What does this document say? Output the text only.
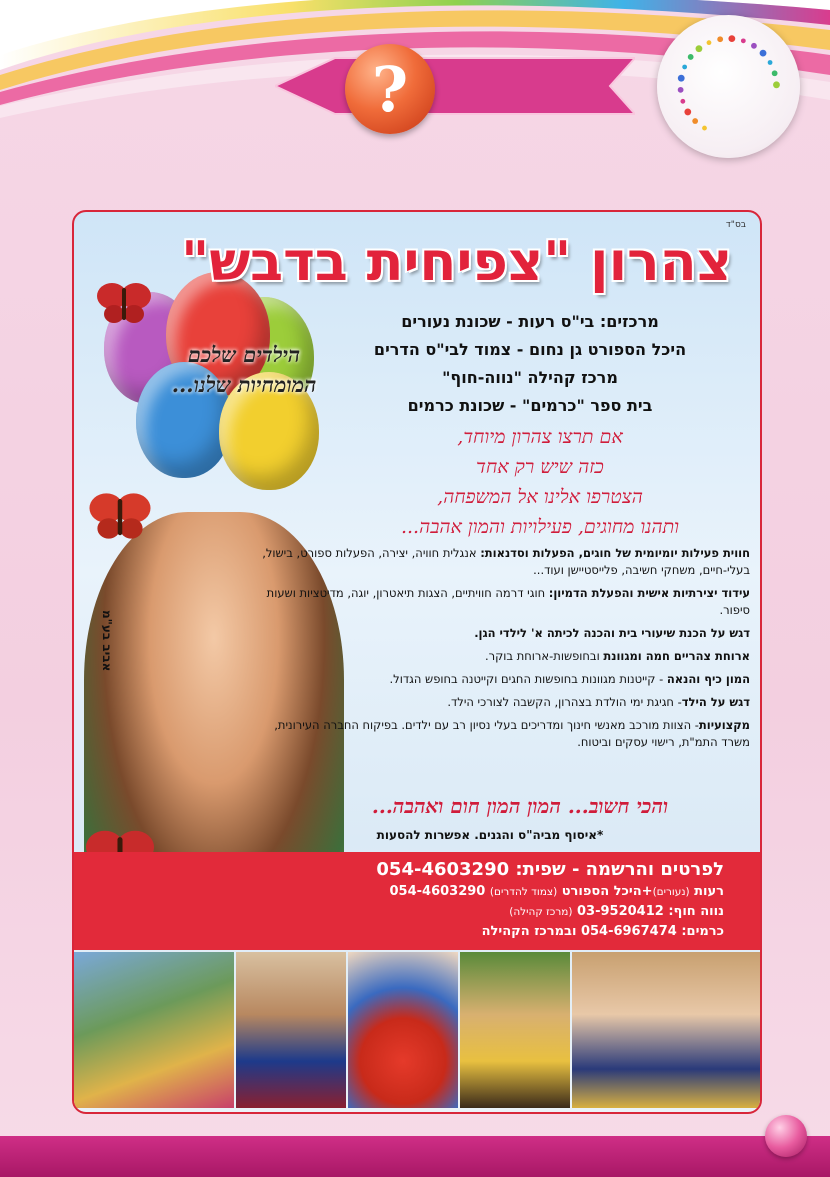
?
בס"ד
צהרון "צפיחית בדבש"
הילדים שלכם
המומחיות שלנו...
אביב בע"מ
מרכזים: בי"ס רעות - שכונת נעורים
היכל הספורט גן נחום - צמוד לבי"ס הדרים
מרכז קהילה "נווה-חוף"
בית ספר "כרמים" - שכונת כרמים
אם תרצו צהרון מיוחד,
כזה שיש רק אחד
הצטרפו אלינו אל המשפחה,
ותהנו מחוגים, פעילויות והמון אהבה...
חווית פעילות יומיומית של חוגים, הפעלות וסדנאות: אנגלית חוויה, יצירה, הפעלות ספורט, בישול, בעלי-חיים, משחקי חשיבה, פלייסטיישן ועוד...
עידוד יצירתיות אישית והפעלת הדמיון: חוגי דרמה חוויתיים, הצגות תיאטרון, יוגה, מדיטציות ושעות סיפור.
דגש על הכנת שיעורי בית והכנה לכיתה א' לילדי הגן.
ארוחת צהריים חמה ומגוונת ובחופשות-ארוחת בוקר.
המון כיף והנאה - קייטנות מגוונות בחופשות החגים וקייטנה בחופש הגדול.
דגש על הילד- חגיגת ימי הולדת בצהרון, הקשבה לצורכי הילד.
מקצועיות- הצוות מורכב מאנשי חינוך ומדריכים בעלי נסיון רב עם ילדים. בפיקוח החברה העירונית, משרד התמ"ת, רישוי עסקים וביטוח.
והכי חשוב... המון המון חום ואהבה...
*איסוף מביה"ס והגנים. אפשרות להסעות
לפרטים והרשמה - שפית: 054-4603290
רעות (נעורים)+היכל הספורט (צמוד להדרים) 054-4603290
נווה חוף: 03-9520412 (מרכז קהילה)
כרמים: 054-6967474 ובמרכז הקהילה
